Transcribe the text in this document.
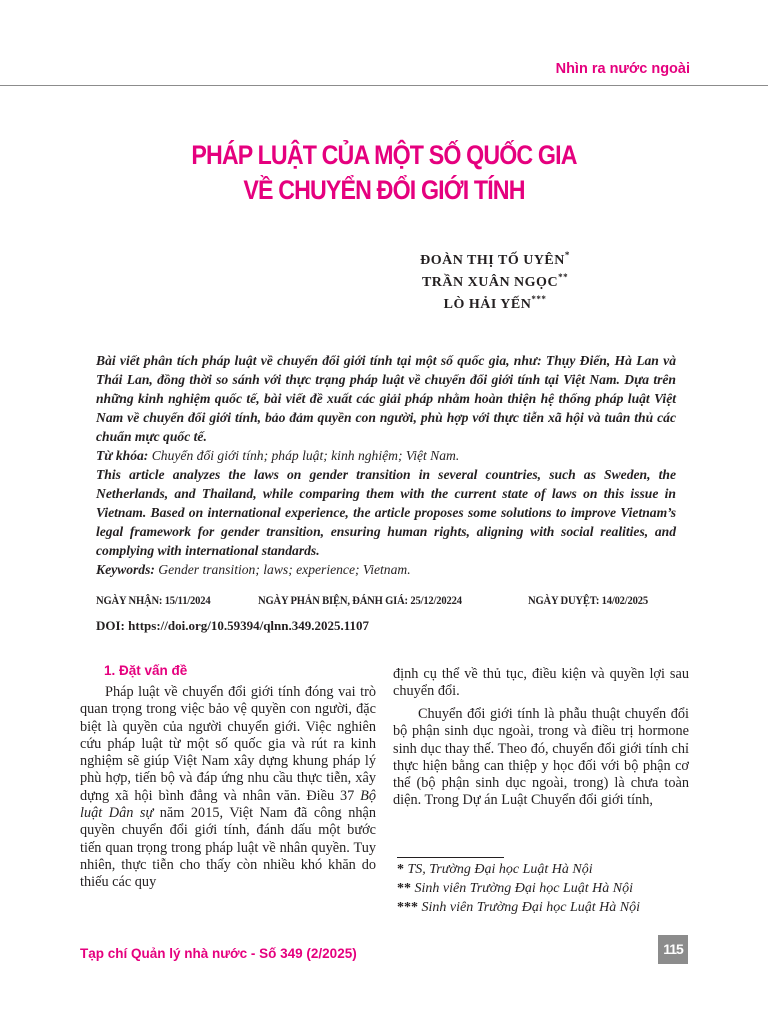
Nhìn ra nước ngoài
PHÁP LUẬT CỦA MỘT SỐ QUỐC GIA
VỀ CHUYỂN ĐỔI GIỚI TÍNH
ĐOÀN THỊ TỐ UYÊN*
TRẦN XUÂN NGỌC**
LÒ HẢI YẾN***

Bài viết phân tích pháp luật về chuyển đổi giới tính tại một số quốc gia, như: Thụy Điển, Hà Lan và Thái Lan, đồng thời so sánh với thực trạng pháp luật về chuyển đổi giới tính tại Việt Nam. Dựa trên những kinh nghiệm quốc tế, bài viết đề xuất các giải pháp nhằm hoàn thiện hệ thống pháp luật Việt Nam về chuyển đổi giới tính, bảo đảm quyền con người, phù hợp với thực tiễn xã hội và tuân thủ các chuẩn mực quốc tế.

Từ khóa: Chuyển đổi giới tính; pháp luật; kinh nghiệm; Việt Nam.

This article analyzes the laws on gender transition in several countries, such as Sweden, the Netherlands, and Thailand, while comparing them with the current state of laws on this issue in Vietnam. Based on international experience, the article proposes some solutions to improve Vietnam’s legal framework for gender transition, ensuring human rights, aligning with social realities, and complying with international standards.

Keywords: Gender transition; laws; experience; Vietnam.

NGÀY NHẬN: 15/11/2024	NGÀY PHẢN BIỆN, ĐÁNH GIÁ: 25/12/20224	NGÀY DUYỆT: 14/02/2025
DOI: https://doi.org/10.59394/qlnn.349.2025.1107
1. Đặt vấn đề

Pháp luật về chuyển đổi giới tính đóng vai trò quan trọng trong việc bảo vệ quyền con người, đặc biệt là quyền của người chuyển giới. Việc nghiên cứu pháp luật từ một số quốc gia và rút ra kinh nghiệm sẽ giúp Việt Nam xây dựng khung pháp lý phù hợp, tiến bộ và đáp ứng nhu cầu thực tiễn, xây dựng xã hội bình đẳng và nhân văn. Điều 37 Bộ luật Dân sự năm 2015, Việt Nam đã công nhận quyền chuyển đổi giới tính, đánh dấu một bước tiến quan trọng trong pháp luật về nhân quyền. Tuy nhiên, thực tiễn cho thấy còn nhiều khó khăn do thiếu các quy

định cụ thể về thủ tục, điều kiện và quyền lợi sau chuyển đổi.

Chuyển đổi giới tính là phẫu thuật chuyển đổi bộ phận sinh dục ngoài, trong và điều trị hormone sinh dục thay thế. Theo đó, chuyển đổi giới tính chỉ thực hiện bằng can thiệp y học đối với bộ phận cơ thể (bộ phận sinh dục ngoài, trong) là chưa toàn diện. Trong Dự án Luật Chuyển đổi giới tính,

* TS, Trường Đại học Luật Hà Nội
** Sinh viên Trường Đại học Luật Hà Nội
*** Sinh viên Trường Đại học Luật Hà Nội
Tạp chí Quản lý nhà nước - Số 349 (2/2025)	115
